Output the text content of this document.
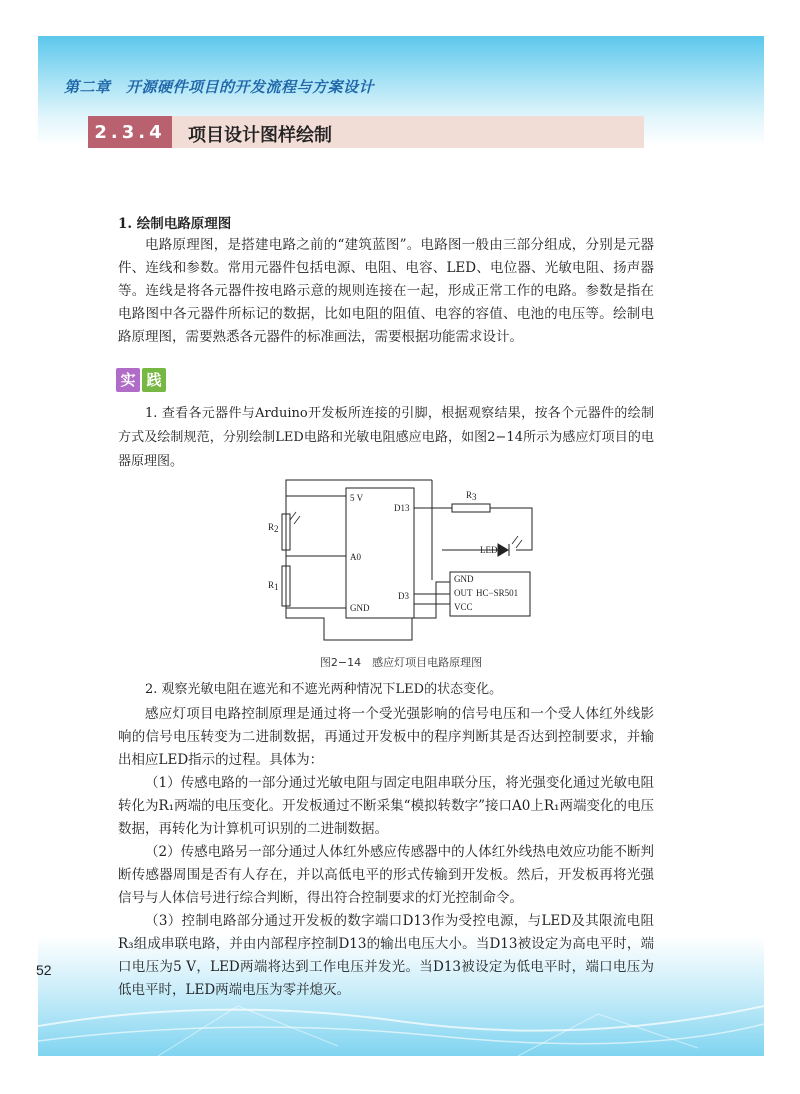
第二章　开源硬件项目的开发流程与方案设计
52
2.3.4	项目设计图样绘制
1. 绘制电路原理图
电路原理图，是搭建电路之前的“建筑蓝图”。电路图一般由三部分组成，分别是元器件、连线和参数。常用元器件包括电源、电阻、电容、LED、电位器、光敏电阻、扬声器等。连线是将各元器件按电路示意的规则连接在一起，形成正常工作的电路。参数是指在电路图中各元器件所标记的数据，比如电阻的阻值、电容的容值、电池的电压等。绘制电路原理图，需要熟悉各元器件的标准画法，需要根据功能需求设计。
实 践
1. 查看各元器件与Arduino开发板所连接的引脚，根据观察结果，按各个元器件的绘制方式及绘制规范，分别绘制LED电路和光敏电阻感应电路，如图2−14所示为感应灯项目的电器原理图。
5 V
D13
A0
GND
D3
R 3
LED
R 2
R 1
GND
OUT HC−SR501
VCC
图2−14　感应灯项目电路原理图
2. 观察光敏电阻在遮光和不遮光两种情况下LED的状态变化。
感应灯项目电路控制原理是通过将一个受光强影响的信号电压和一个受人体红外线影响的信号电压转变为二进制数据，再通过开发板中的程序判断其是否达到控制要求，并输出相应LED指示的过程。具体为：
（1）传感电路的一部分通过光敏电阻与固定电阻串联分压，将光强变化通过光敏电阻转化为R₁两端的电压变化。开发板通过不断采集“模拟转数字”接口A0上R₁两端变化的电压数据，再转化为计算机可识别的二进制数据。
（2）传感电路另一部分通过人体红外感应传感器中的人体红外线热电效应功能不断判断传感器周围是否有人存在，并以高低电平的形式传输到开发板。然后，开发板再将光强信号与人体信号进行综合判断，得出符合控制要求的灯光控制命令。
（3）控制电路部分通过开发板的数字端口D13作为受控电源，与LED及其限流电阻R₃组成串联电路，并由内部程序控制D13的输出电压大小。当D13被设定为高电平时，端口电压为5 V，LED两端将达到工作电压并发光。当D13被设定为低电平时，端口电压为低电平时，LED两端电压为零并熄灭。
